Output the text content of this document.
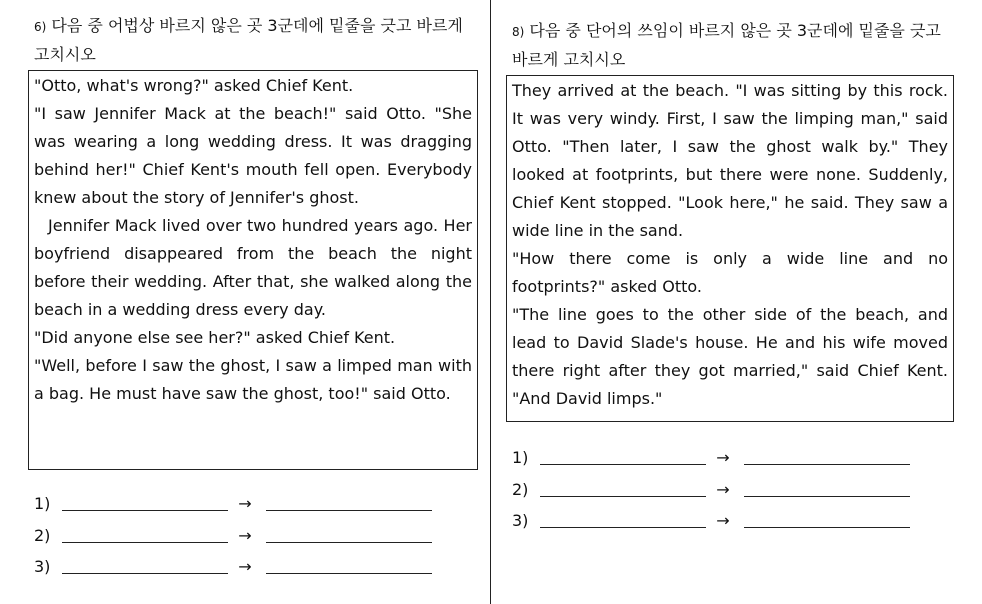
6) 다음 중 어법상 바르지 않은 곳 3군데에 밑줄을 긋고 바르게 고치시오

"Otto, what's wrong?" asked Chief Kent.

"I saw Jennifer Mack at the beach!" said Otto. "She was wearing a long wedding dress. It was dragging behind her!" Chief Kent's mouth fell open. Everybody knew about the story of Jennifer's ghost.

Jennifer Mack lived over two hundred years ago. Her boyfriend disappeared from the beach the night before their wedding. After that, she walked along the beach in a wedding dress every day.

"Did anyone else see her?" asked Chief Kent.

"Well, before I saw the ghost, I saw a limped man with a bag. He must have saw the ghost, too!" said Otto.

1)	→
2)	→
3)	→
8) 다음 중 단어의 쓰임이 바르지 않은 곳 3군데에 밑줄을 긋고 바르게 고치시오

They arrived at the beach. "I was sitting by this rock. It was very windy. First, I saw the limping man," said Otto. "Then later, I saw the ghost walk by." They looked at footprints, but there were none. Suddenly, Chief Kent stopped. "Look here," he said. They saw a wide line in the sand.

"How there come is only a wide line and no footprints?" asked Otto.

"The line goes to the other side of the beach, and lead to David Slade's house. He and his wife moved there right after they got married," said Chief Kent. "And David limps."

1)	→
2)	→
3)	→
